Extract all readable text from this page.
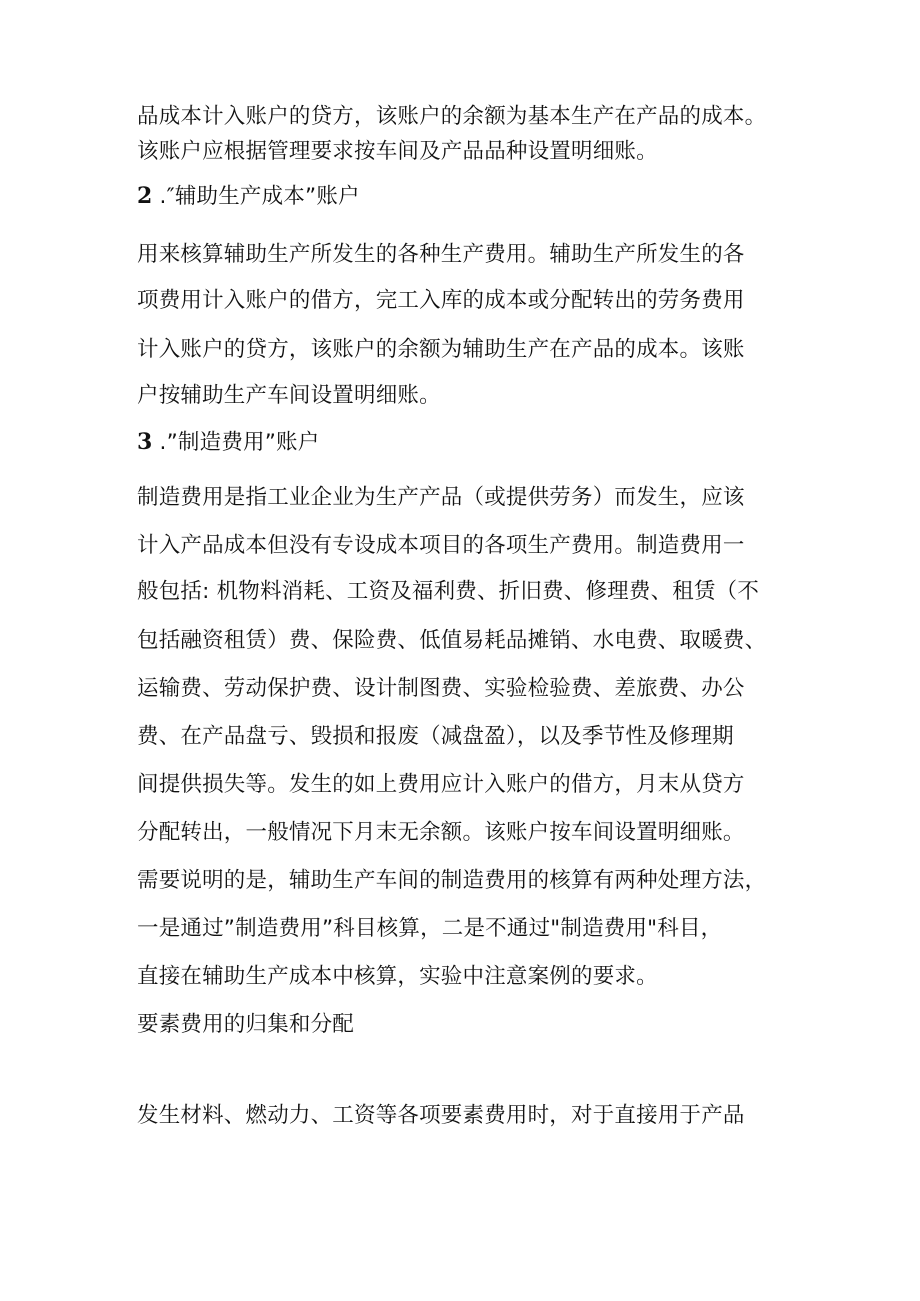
品成本计入账户的贷方，该账户的余额为基本生产在产品的成本。
该账户应根据管理要求按车间及产品品种设置明细账。
2 .″辅助生产成本”账户
用来核算辅助生产所发生的各种生产费用。辅助生产所发生的各
项费用计入账户的借方，完工入库的成本或分配转出的劳务费用
计入账户的贷方，该账户的余额为辅助生产在产品的成本。该账
户按辅助生产车间设置明细账。
3 .”制造费用”账户
制造费用是指工业企业为生产产品（或提供劳务）而发生，应该
计入产品成本但没有专设成本项目的各项生产费用。制造费用一
般包括: 机物料消耗、工资及福利费、折旧费、修理费、租赁（不
包括融资租赁）费、保险费、低值易耗品摊销、水电费、取暖费、
运输费、劳动保护费、设计制图费、实验检验费、差旅费、办公
费、在产品盘亏、毁损和报废（减盘盈），以及季节性及修理期
间提供损失等。发生的如上费用应计入账户的借方，月末从贷方
分配转出，一般情况下月末无余额。该账户按车间设置明细账。
需要说明的是，辅助生产车间的制造费用的核算有两种处理方法，
一是通过”制造费用”科目核算，二是不通过"制造费用"科目，
直接在辅助生产成本中核算，实验中注意案例的要求。
要素费用的归集和分配
发生材料、燃动力、工资等各项要素费用时，对于直接用于产品
